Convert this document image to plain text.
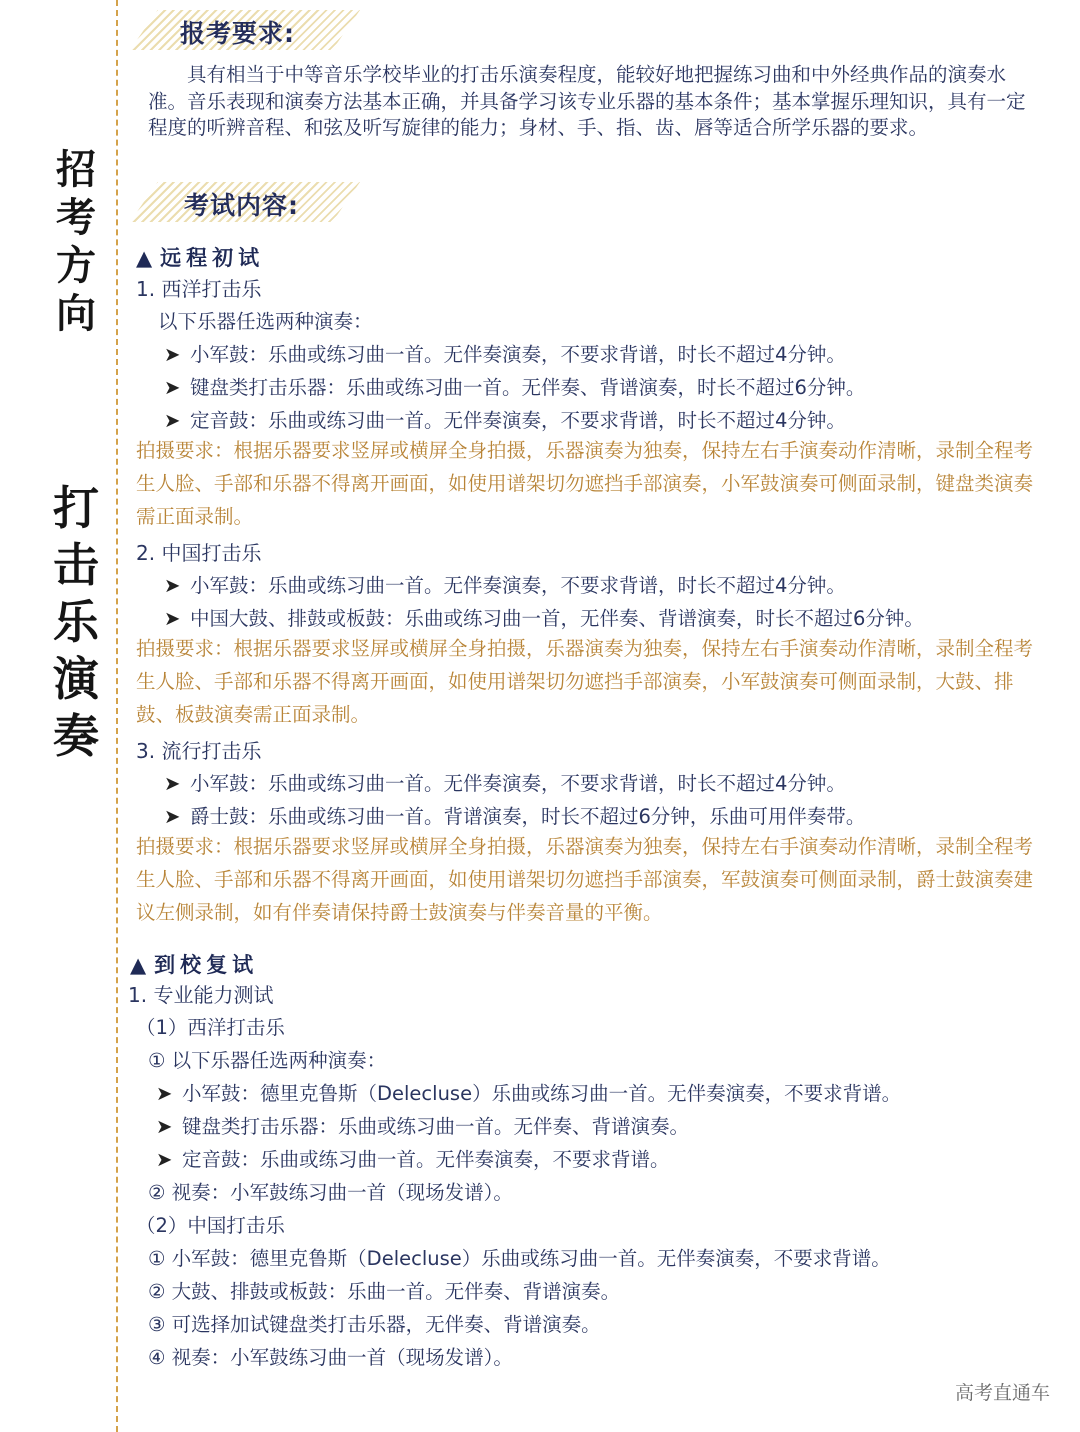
招
考
方
向
打
击
乐
演
奏
报考要求:
具有相当于中等音乐学校毕业的打击乐演奏程度，能较好地把握练习曲和中外经典作品的演奏水准。音乐表现和演奏方法基本正确，并具备学习该专业乐器的基本条件；基本掌握乐理知识，具有一定程度的听辨音程、和弦及听写旋律的能力；身材、手、指、齿、唇等适合所学乐器的要求。
考试内容:
▲ 远程初试
1. 西洋打击乐
以下乐器任选两种演奏：
➤ 小军鼓：乐曲或练习曲一首。无伴奏演奏，不要求背谱，时长不超过4分钟。
➤ 键盘类打击乐器：乐曲或练习曲一首。无伴奏、背谱演奏，时长不超过6分钟。
➤ 定音鼓：乐曲或练习曲一首。无伴奏演奏，不要求背谱，时长不超过4分钟。
拍摄要求：根据乐器要求竖屏或横屏全身拍摄，乐器演奏为独奏，保持左右手演奏动作清晰，录制全程考生人脸、手部和乐器不得离开画面，如使用谱架切勿遮挡手部演奏，小军鼓演奏可侧面录制，键盘类演奏需正面录制。
2. 中国打击乐
➤ 小军鼓：乐曲或练习曲一首。无伴奏演奏，不要求背谱，时长不超过4分钟。
➤ 中国大鼓、排鼓或板鼓：乐曲或练习曲一首，无伴奏、背谱演奏，时长不超过6分钟。
拍摄要求：根据乐器要求竖屏或横屏全身拍摄，乐器演奏为独奏，保持左右手演奏动作清晰，录制全程考生人脸、手部和乐器不得离开画面，如使用谱架切勿遮挡手部演奏，小军鼓演奏可侧面录制，大鼓、排鼓、板鼓演奏需正面录制。
3. 流行打击乐
➤ 小军鼓：乐曲或练习曲一首。无伴奏演奏，不要求背谱，时长不超过4分钟。
➤ 爵士鼓：乐曲或练习曲一首。背谱演奏，时长不超过6分钟，乐曲可用伴奏带。
拍摄要求：根据乐器要求竖屏或横屏全身拍摄，乐器演奏为独奏，保持左右手演奏动作清晰，录制全程考生人脸、手部和乐器不得离开画面，如使用谱架切勿遮挡手部演奏，军鼓演奏可侧面录制，爵士鼓演奏建议左侧录制，如有伴奏请保持爵士鼓演奏与伴奏音量的平衡。
▲ 到校复试
1. 专业能力测试
（1）西洋打击乐
① 以下乐器任选两种演奏：
➤ 小军鼓：德里克鲁斯（Delecluse）乐曲或练习曲一首。无伴奏演奏，不要求背谱。
➤ 键盘类打击乐器：乐曲或练习曲一首。无伴奏、背谱演奏。
➤ 定音鼓：乐曲或练习曲一首。无伴奏演奏，不要求背谱。
② 视奏：小军鼓练习曲一首（现场发谱）。
（2）中国打击乐
① 小军鼓：德里克鲁斯（Delecluse）乐曲或练习曲一首。无伴奏演奏，不要求背谱。
② 大鼓、排鼓或板鼓：乐曲一首。无伴奏、背谱演奏。
③ 可选择加试键盘类打击乐器，无伴奏、背谱演奏。
④ 视奏：小军鼓练习曲一首（现场发谱）。
高考直通车
